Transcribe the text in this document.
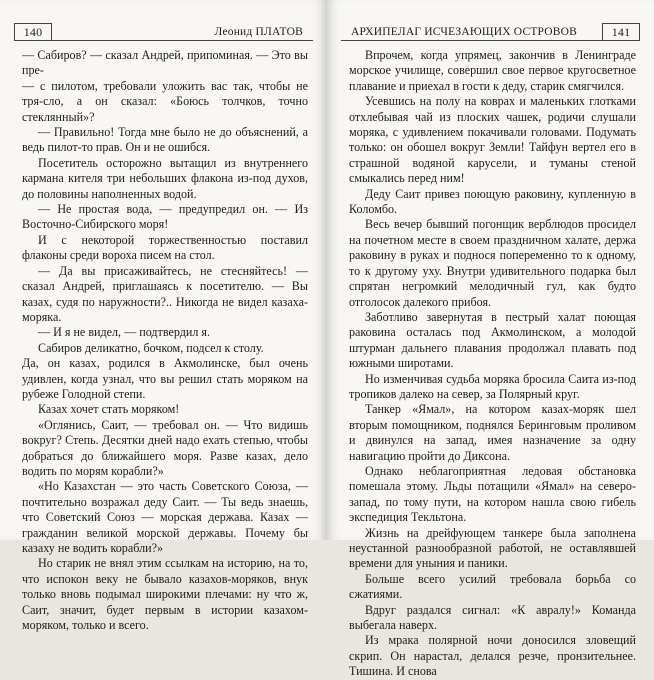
140	Леонид ПЛАТОВ

— Сабиров? — сказал Андрей, припоминая. — Это вы пре-

— с пилотом, требовали уложить вас так, чтобы не тря-сло, а он сказал: «Боюсь толчков, точно стеклянный»?

— Правильно! Тогда мне было не до объяснений, а ведь пилот-то прав. Он и не ошибся.

Посетитель осторожно вытащил из внутреннего кармана кителя три небольших флакона из-под духов, до половины наполненных водой.

— Не простая вода, — предупредил он. — Из Восточно-Сибирского моря!

И с некоторой торжественностью поставил флаконы среди вороха писем на стол.

— Да вы присаживайтесь, не стесняйтесь! — сказал Андрей, приглашаясь к посетителю. — Вы казах, судя по наружности?.. Никогда не видел казаха-моряка.

— И я не видел, — подтвердил я.

Сабиров деликатно, бочком, подсел к столу.

Да, он казах, родился в Акмолинске, был очень удивлен, когда узнал, что вы решил стать моряком на рубеже Голодной степи.

Казах хочет стать моряком!

«Оглянись, Саит, — требовал он. — Что видишь вокруг? Степь. Десятки дней надо ехать степью, чтобы добраться до ближайшего моря. Разве казах, дело водить по морям корабли?»

«Но Казахстан — это часть Советского Союза, — почтительно возражал деду Саит. — Ты ведь знаешь, что Советский Союз — морская держава. Казах — гражданин великой морской державы. Почему бы казаху не водить корабли?»

Но старик не внял этим ссылкам на историю, на то, что испокон веку не бывало казахов-моряков, внук только вновь подымал широкими плечами: ну что ж, Саит, значит, будет первым в истории казахом-моряком, только и всего.

АРХИПЕЛАГ ИСЧЕЗАЮЩИХ ОСТРОВОВ	141

Впрочем, когда упрямец, закончив в Ленинграде морское училище, совершил свое первое кругосветное плавание и приехал в гости к деду, старик смягчился.

Усевшись на полу на коврах и маленьких глотками отхлебывая чай из плоских чашек, родичи слушали моряка, с удивлением покачивали головами. Подумать только: он обошел вокруг Земли! Тайфун вертел его в страшной водяной карусели, и туманы стеной смыкались перед ним!

Деду Саит привез поющую раковину, купленную в Коломбо.

Весь вечер бывший погонщик верблюдов просидел на почетном месте в своем праздничном халате, держа раковину в руках и поднося попеременно то к одному, то к другому уху. Внутри удивительного подарка был спрятан негромкий мелодичный гул, как будто отголосок далекого прибоя.

Заботливо завернутая в пестрый халат поющая раковина осталась под Акмолинском, а молодой штурман дальнего плавания продолжал плавать под южными широтами.

Но изменчивая судьба моряка бросила Саита из-под тропиков далеко на север, за Полярный круг.

Танкер «Ямал», на котором казах-моряк шел вторым помощником, поднялся Беринговым проливом и двинулся на запад, имея назначение за одну навигацию пройти до Диксона.

Однако неблагоприятная ледовая обстановка помешала этому. Льды потащили «Ямал» на северо-запад, по тому пути, на котором нашла свою гибель экспедиция Текльтона.

Жизнь на дрейфующем танкере была заполнена неустанной разнообразной работой, не оставлявшей времени для уныния и паники.

Больше всего усилий требовала борьба со сжатиями.

Вдруг раздался сигнал: «К авралу!» Команда выбегала наверх.

Из мрака полярной ночи доносился зловещий скрип. Он нарастал, делался резче, пронзительнее. Тишина. И снова
